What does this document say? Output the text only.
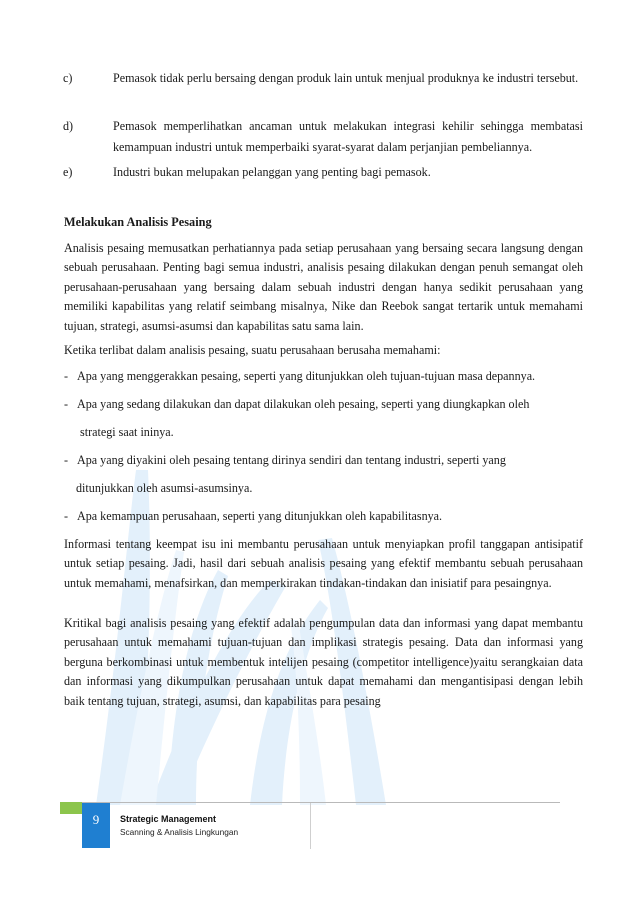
c)	Pemasok tidak perlu bersaing dengan produk lain untuk menjual produknya ke industri tersebut.
d)	Pemasok memperlihatkan ancaman untuk melakukan integrasi kehilir sehingga membatasi kemampuan industri untuk memperbaiki syarat-syarat dalam perjanjian pembeliannya.
e)	Industri bukan melupakan pelanggan yang penting bagi pemasok.
Melakukan Analisis Pesaing
Analisis pesaing memusatkan perhatiannya pada setiap perusahaan yang bersaing secara langsung dengan sebuah perusahaan. Penting bagi semua industri, analisis pesaing dilakukan dengan penuh semangat oleh perusahaan-perusahaan yang bersaing dalam sebuah industri dengan hanya sedikit perusahaan yang memiliki kapabilitas yang relatif seimbang misalnya, Nike dan Reebok sangat tertarik untuk memahami tujuan, strategi, asumsi-asumsi dan kapabilitas satu sama lain.
Ketika terlibat dalam analisis pesaing, suatu perusahaan berusaha memahami:
- Apa yang menggerakkan pesaing, seperti yang ditunjukkan oleh tujuan-tujuan masa depannya.
- Apa yang sedang dilakukan dan dapat dilakukan oleh pesaing, seperti yang diungkapkan oleh
strategi saat ininya.
- Apa yang diyakini oleh pesaing tentang dirinya sendiri dan tentang industri, seperti yang
ditunjukkan oleh asumsi-asumsinya.
- Apa kemampuan perusahaan, seperti yang ditunjukkan oleh kapabilitasnya.
Informasi tentang keempat isu ini membantu perusahaan untuk menyiapkan profil tanggapan antisipatif untuk setiap pesaing. Jadi, hasil dari sebuah analisis pesaing yang efektif membantu sebuah perusahaan untuk memahami, menafsirkan, dan memperkirakan tindakan-tindakan dan inisiatif para pesaingnya.
Kritikal bagi analisis pesaing yang efektif adalah pengumpulan data dan informasi yang dapat membantu perusahaan untuk memahami tujuan-tujuan dan implikasi strategis pesaing. Data dan informasi yang berguna berkombinasi untuk membentuk intelijen pesaing (competitor intelligence)yaitu serangkaian data dan informasi yang dikumpulkan perusahaan untuk dapat memahami dan mengantisipasi dengan lebih baik tentang tujuan, strategi, asumsi, dan kapabilitas para pesaing
9	Strategic Management
Scanning & Analisis Lingkungan
